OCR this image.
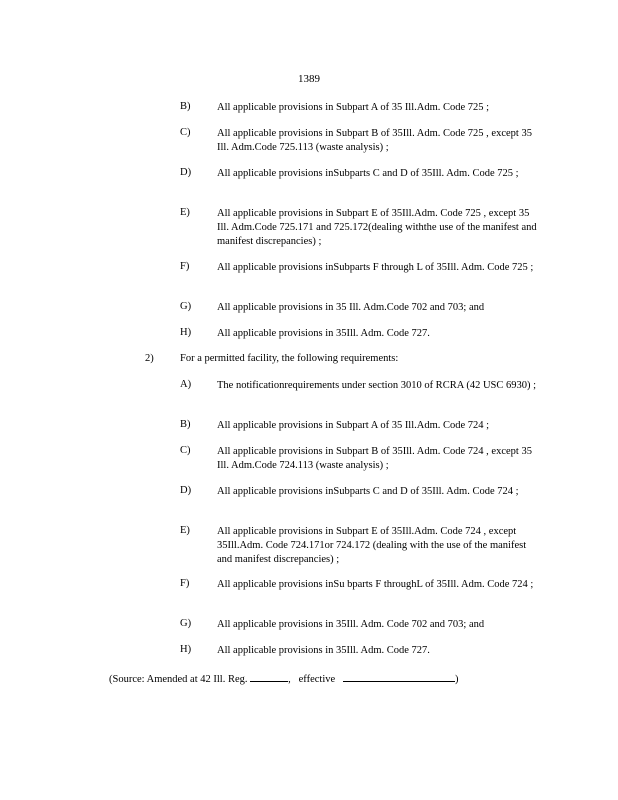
1389
B)	All applicable provisions in Subpart A of 35 Ill.Adm. Code 725 ;
C)	All applicable provisions in Subpart B of 35Ill. Adm. Code 725 , except 35 Ill. Adm.Code 725.113 (waste analysis) ;
D) All applicable provisions inSubparts C and D of 35Ill. Adm. Code 725 ;
E)	All applicable provisions in Subpart E of 35Ill.Adm. Code 725 , except 35 Ill. Adm.Code 725.171 and 725.172(dealing withthe use of the manifest and manifest discrepancies) ;
F)	All applicable provisions inSubparts F through L of 35Ill. Adm. Code 725 ;
G) All applicable provisions in 35 Ill. Adm.Code 702 and 703; and
H) All applicable provisions in 35Ill. Adm. Code 727.
2)	For a permitted facility, the following requirements:
A) The notificationrequirements under section 3010 of RCRA (42 USC 6930) ;
B)	All applicable provisions in Subpart A of 35 Ill.Adm. Code 724 ;
C)	All applicable provisions in Subpart B of 35Ill. Adm. Code 724 , except 35 Ill. Adm.Code 724.113 (waste analysis) ;
D) All applicable provisions inSubparts C and D of 35Ill. Adm. Code 724 ;
E)	All applicable provisions in Subpart E of 35Ill.Adm. Code 724 , except 35Ill.Adm. Code 724.171or 724.172 (dealing with the use of the manifest and manifest discrepancies) ;
F)	All applicable provisions inSu bparts F throughL of 35Ill. Adm. Code 724 ;
G) All applicable provisions in 35Ill. Adm. Code 702 and 703; and
H) All applicable provisions in 35Ill. Adm. Code 727.
(Source: Amended at 42 Ill. Reg.	, effective	)
